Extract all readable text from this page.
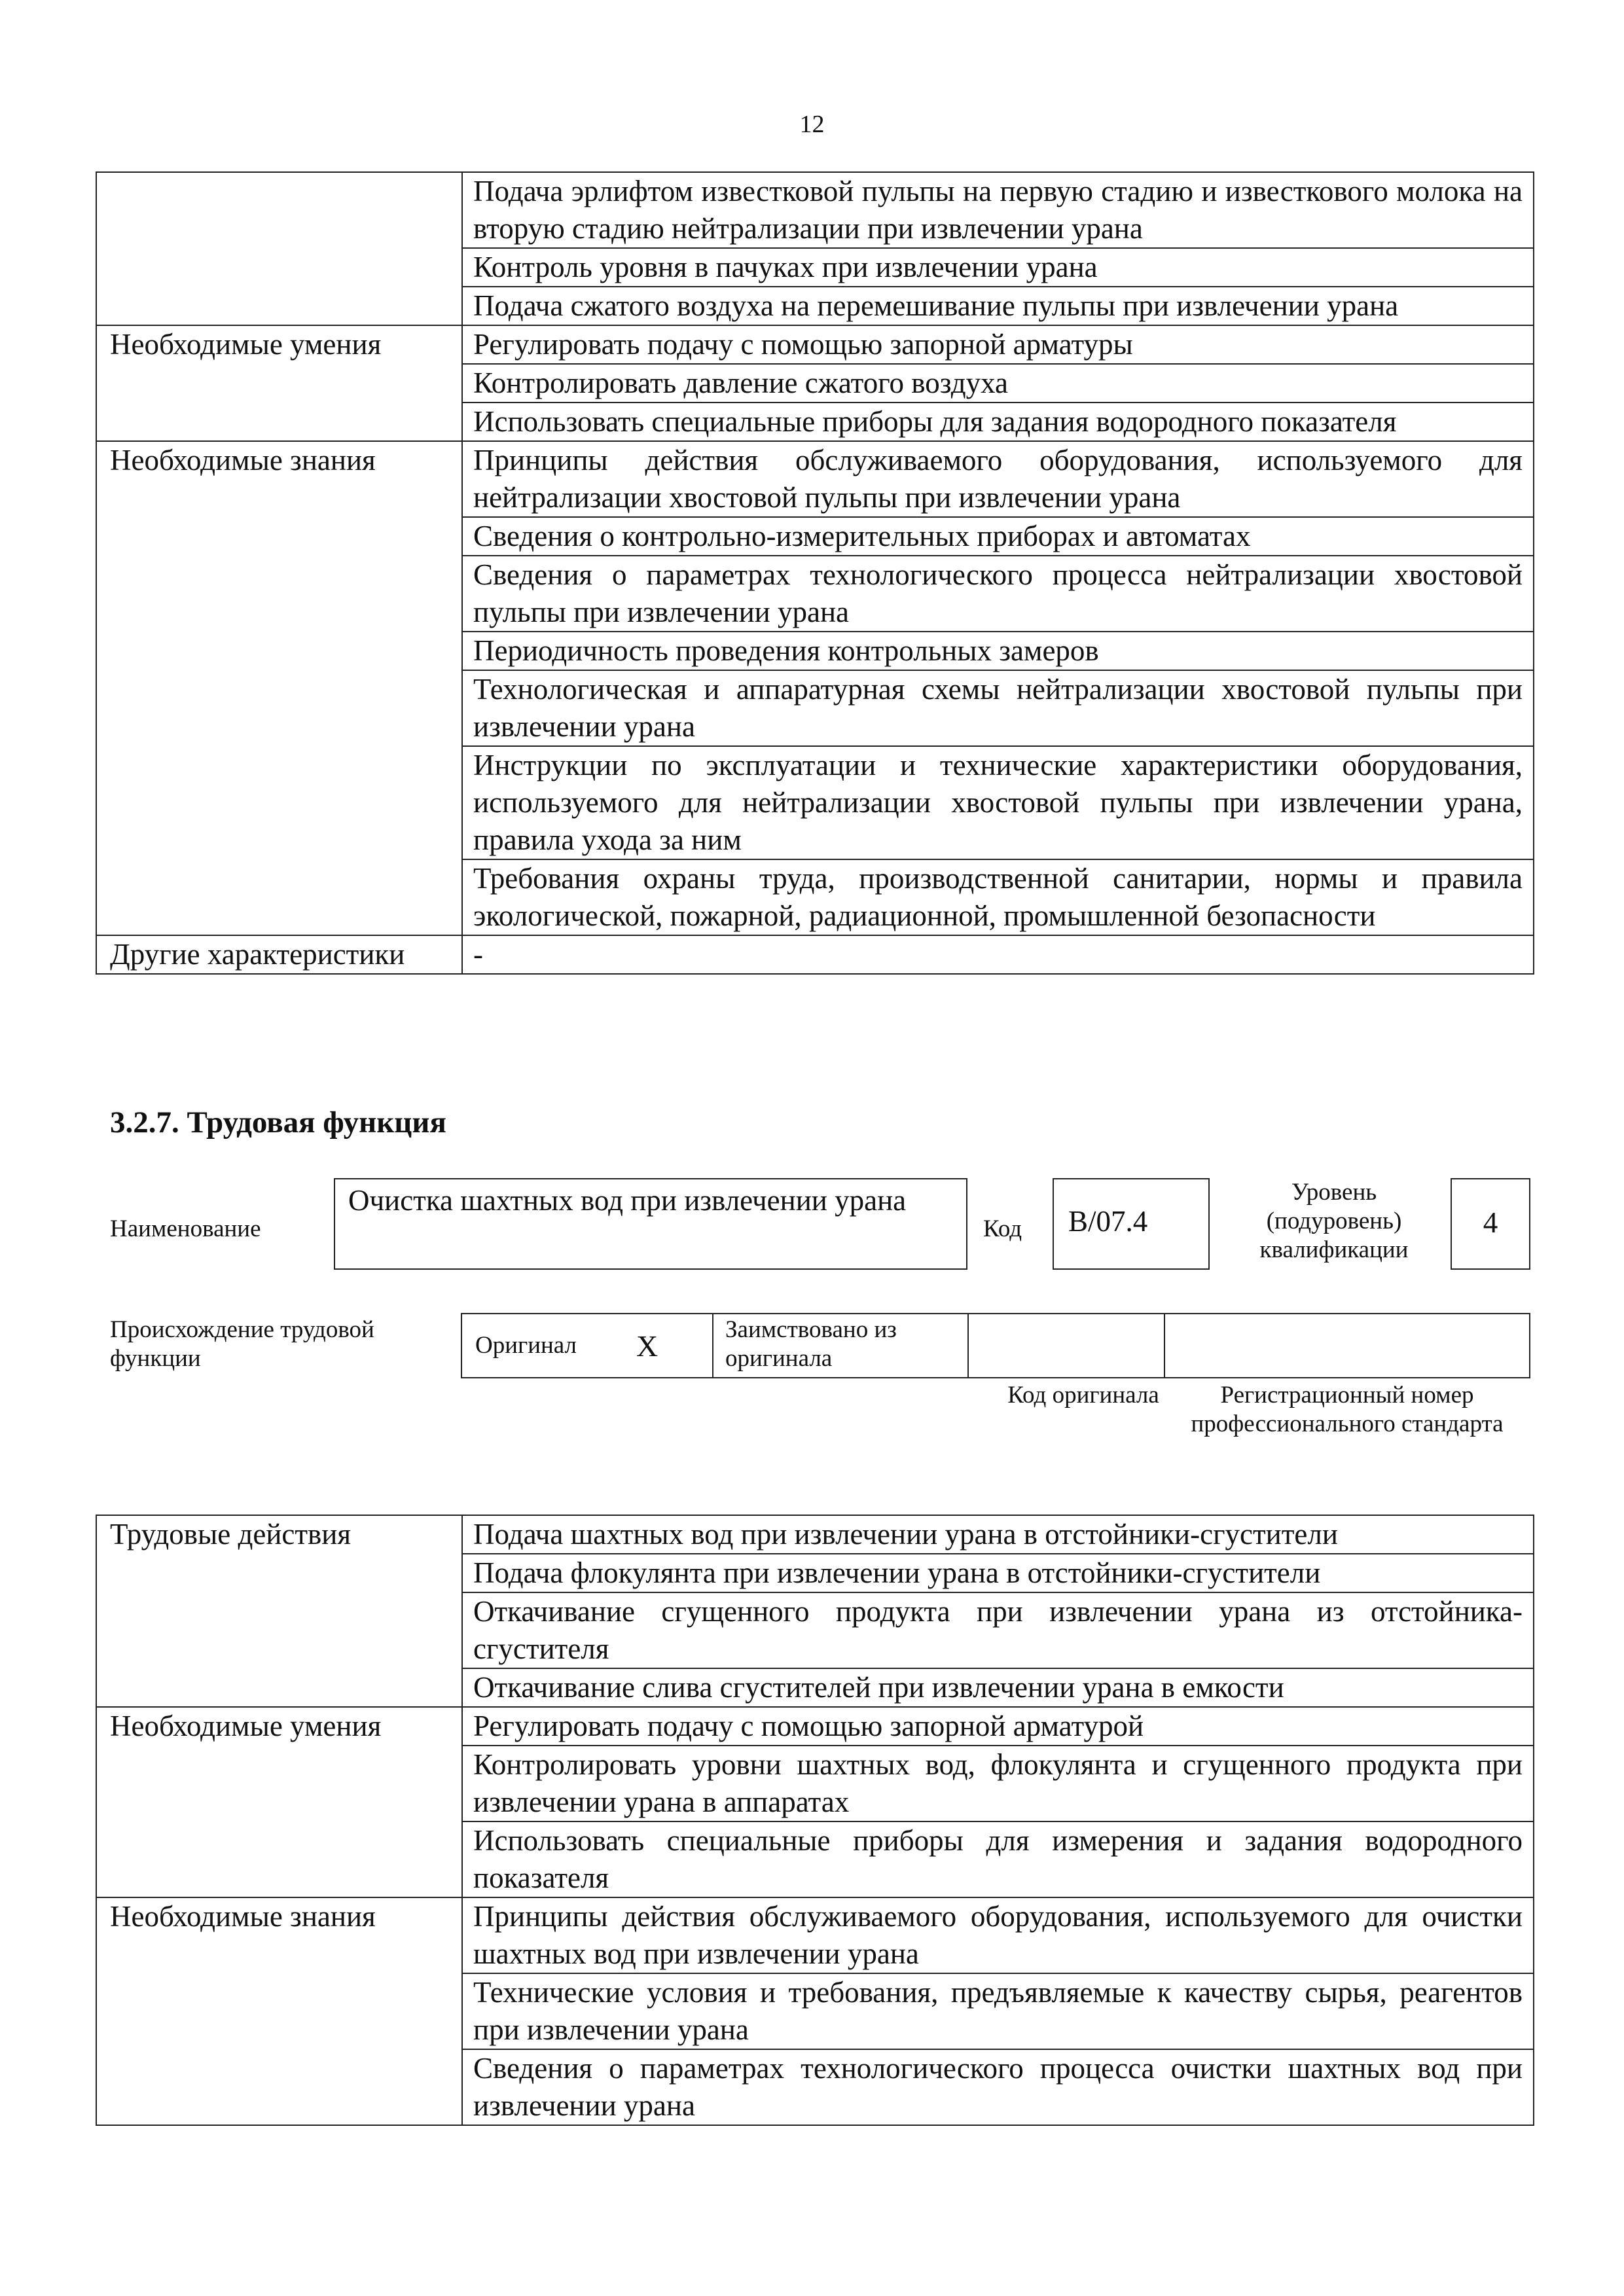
12
	Подача эрлифтом известковой пульпы на первую стадию и известкового молока на вторую стадию нейтрализации при извлечении урана
	Контроль уровня в пачуках при извлечении урана
	Подача сжатого воздуха на перемешивание пульпы при извлечении урана
Необходимые умения	Регулировать подачу с помощью запорной арматуры
	Контролировать давление сжатого воздуха
	Использовать специальные приборы для задания водородного показателя
Необходимые знания	Принципы действия обслуживаемого оборудования, используемого для нейтрализации хвостовой пульпы при извлечении урана
	Сведения о контрольно-измерительных приборах и автоматах
	Сведения о параметрах технологического процесса нейтрализации хвостовой пульпы при извлечении урана
	Периодичность проведения контрольных замеров
	Технологическая и аппаратурная схемы нейтрализации хвостовой пульпы при извлечении урана
	Инструкции по эксплуатации и технические характеристики оборудования, используемого для нейтрализации хвостовой пульпы при извлечении урана, правила ухода за ним
	Требования охраны труда, производственной санитарии, нормы и правила экологической, пожарной, радиационной, промышленной безопасности
Другие характеристики	-
3.2.7. Трудовая функция
Наименование
Очистка шахтных вод при извлечении урана
Код	B/07.4
Уровень (подуровень) квалификации
4
Происхождение трудовой функции	Оригинал X	Заимствовано из оригинала
Код оригинала	Регистрационный номер профессионального стандарта
Трудовые действия	Подача шахтных вод при извлечении урана в отстойники-сгустители
	Подача флокулянта при извлечении урана в отстойники-сгустители
	Откачивание сгущенного продукта при извлечении урана из отстойника-сгустителя
	Откачивание слива сгустителей при извлечении урана в емкости
Необходимые умения	Регулировать подачу с помощью запорной арматурой
	Контролировать уровни шахтных вод, флокулянта и сгущенного продукта при извлечении урана в аппаратах
	Использовать специальные приборы для измерения и задания водородного показателя
Необходимые знания	Принципы действия обслуживаемого оборудования, используемого для очистки шахтных вод при извлечении урана
	Технические условия и требования, предъявляемые к качеству сырья, реагентов при извлечении урана
	Сведения о параметрах технологического процесса очистки шахтных вод при извлечении урана
